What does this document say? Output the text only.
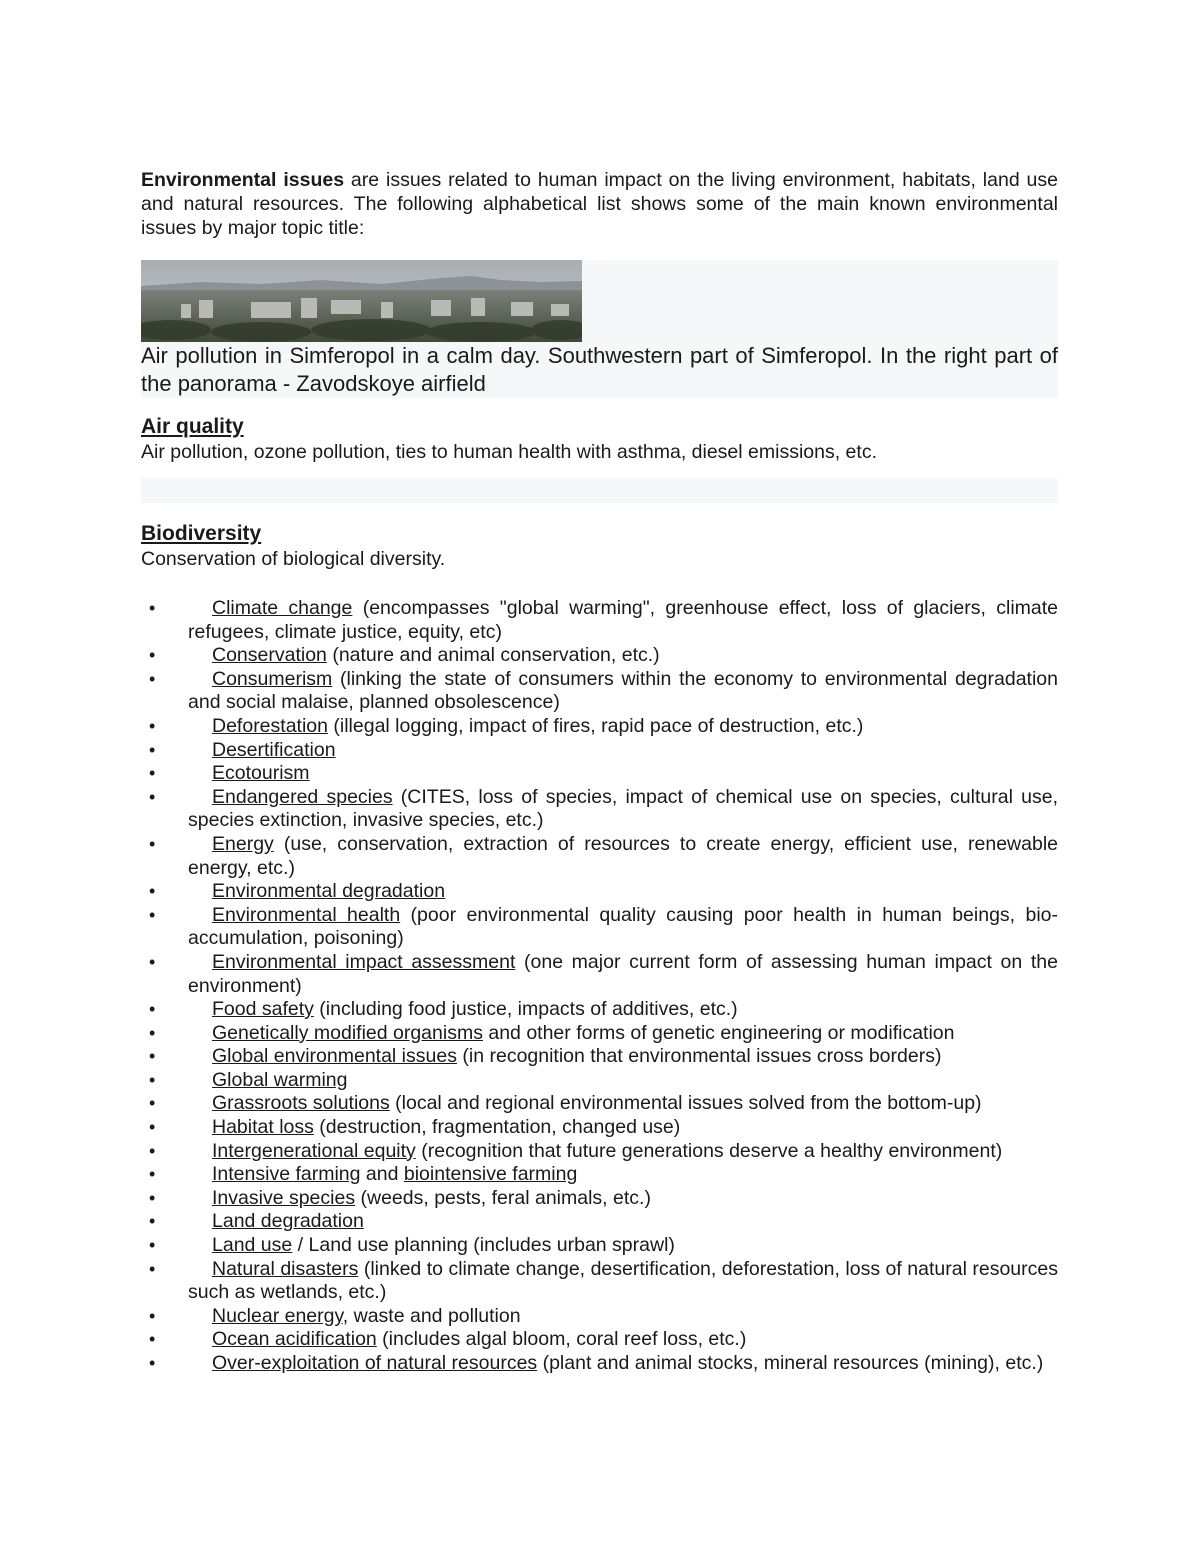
Environmental issues are issues related to human impact on the living environment, habitats, land use and natural resources. The following alphabetical list shows some of the main known environmental issues by major topic title:

Air pollution in Simferopol in a calm day. Southwestern part of Simferopol. In the right part of the panorama - Zavodskoye airfield

Air quality

Air pollution, ozone pollution, ties to human health with asthma, diesel emissions, etc.

Biodiversity

Conservation of biological diversity.

•	Climate change (encompasses "global warming", greenhouse effect, loss of glaciers, climate refugees, climate justice, equity, etc)
•	Conservation (nature and animal conservation, etc.)
•	Consumerism (linking the state of consumers within the economy to environmental degradation and social malaise, planned obsolescence)
•	Deforestation (illegal logging, impact of fires, rapid pace of destruction, etc.)
•	Desertification
•	Ecotourism
•	Endangered species (CITES, loss of species, impact of chemical use on species, cultural use, species extinction, invasive species, etc.)
•	Energy (use, conservation, extraction of resources to create energy, efficient use, renewable energy, etc.)
•	Environmental degradation
•	Environmental health (poor environmental quality causing poor health in human beings, bio-accumulation, poisoning)
•	Environmental impact assessment (one major current form of assessing human impact on the environment)
•	Food safety (including food justice, impacts of additives, etc.)
•	Genetically modified organisms and other forms of genetic engineering or modification
•	Global environmental issues (in recognition that environmental issues cross borders)
•	Global warming
•	Grassroots solutions (local and regional environmental issues solved from the bottom-up)
•	Habitat loss (destruction, fragmentation, changed use)
•	Intergenerational equity (recognition that future generations deserve a healthy environment)
•	Intensive farming and biointensive farming
•	Invasive species (weeds, pests, feral animals, etc.)
•	Land degradation
•	Land use / Land use planning (includes urban sprawl)
•	Natural disasters (linked to climate change, desertification, deforestation, loss of natural resources such as wetlands, etc.)
•	Nuclear energy, waste and pollution
•	Ocean acidification (includes algal bloom, coral reef loss, etc.)
•	Over-exploitation of natural resources (plant and animal stocks, mineral resources (mining), etc.)
